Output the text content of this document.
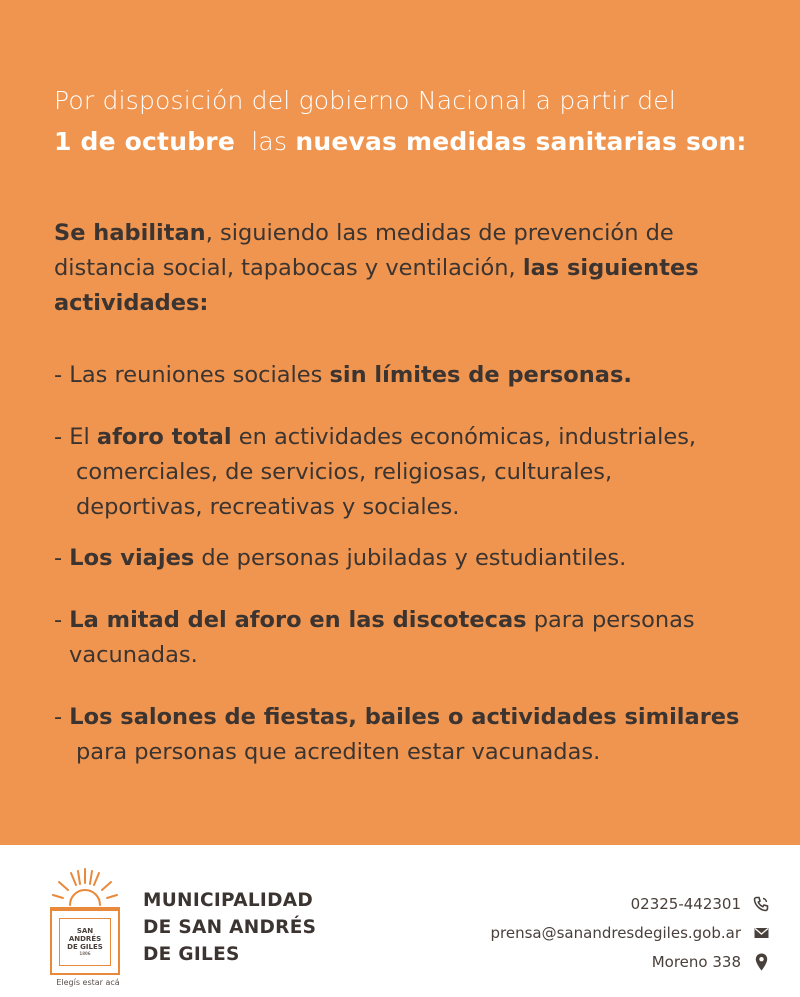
Por disposición del gobierno Nacional a partir del
1 de octubre las nuevas medidas sanitarias son:
Se habilitan, siguiendo las medidas de prevención de
distancia social, tapabocas y ventilación, las siguientes
actividades:
- Las reuniones sociales sin límites de personas.
- El aforo total en actividades económicas, industriales,
comerciales, de servicios, religiosas, culturales,
deportivas, recreativas y sociales.
- Los viajes de personas jubiladas y estudiantiles.
- La mitad del aforo en las discotecas para personas
vacunadas.
- Los salones de fiestas, bailes o actividades similares
para personas que acrediten estar vacunadas.
SAN
ANDRÉS
DE GILES
1806
Elegís estar acá
MUNICIPALIDAD
DE SAN ANDRÉS
DE GILES
02325-442301
prensa@sanandresdegiles.gob.ar
Moreno 338
